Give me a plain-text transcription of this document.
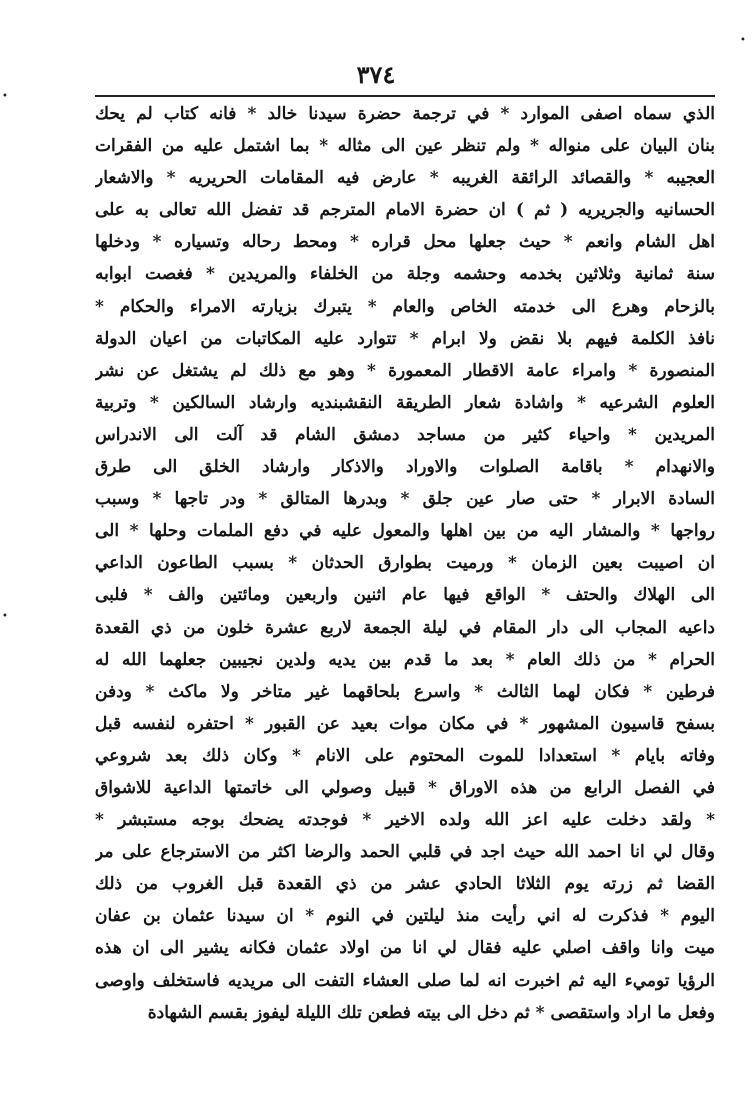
٣٧٤
الذي سماه اصفى الموارد * في ترجمة حضرة سيدنا خالد * فانه كتاب لم يحك
بنان البيان على منواله * ولم تنظر عين الى مثاله * بما اشتمل عليه من الفقرات
العجيبه * والقصائد الرائقة الغريبه * عارض فيه المقامات الحريريه * والاشعار
الحسانيه والجريريه ( ثم ) ان حضرة الامام المترجم قد تفضل الله تعالى به على
اهل الشام وانعم * حيث جعلها محل قراره * ومحط رحاله وتسياره * ودخلها
سنة ثمانية وثلاثين بخدمه وحشمه وجلة من الخلفاء والمريدين * فغصت ابوابه
بالزحام وهرع الى خدمته الخاص والعام * يتبرك بزيارته الامراء والحكام *
نافذ الكلمة فيهم بلا نقض ولا ابرام * تتوارد عليه المكاتبات من اعيان الدولة
المنصورة * وامراء عامة الاقطار المعمورة * وهو مع ذلك لم يشتغل عن نشر
العلوم الشرعيه * واشادة شعار الطريقة النقشبنديه وارشاد السالكين * وتربية
المريدين * واحياء كثير من مساجد دمشق الشام قد آلت الى الاندراس
والانهدام * باقامة الصلوات والاوراد والاذكار وارشاد الخلق الى طرق
السادة الابرار * حتى صار عين جلق * وبدرها المتالق * ودر تاجها * وسبب
رواجها * والمشار اليه من بين اهلها والمعول عليه في دفع الملمات وحلها * الى
ان اصيبت بعين الزمان * ورميت بطوارق الحدثان * بسبب الطاعون الداعي
الى الهلاك والحتف * الواقع فيها عام اثنين واربعين ومائتين والف * فلبى
داعيه المجاب الى دار المقام في ليلة الجمعة لاربع عشرة خلون من ذي القعدة
الحرام * من ذلك العام * بعد ما قدم بين يديه ولدين نجيبين جعلهما الله له
فرطين * فكان لهما الثالث * واسرع بلحاقهما غير متاخر ولا ماكث * ودفن
بسفح قاسيون المشهور * في مكان موات بعيد عن القبور * احتفره لنفسه قبل
وفاته بايام * استعدادا للموت المحتوم على الانام * وكان ذلك بعد شروعي
في الفصل الرابع من هذه الاوراق * قبيل وصولي الى خاتمتها الداعية للاشواق
* ولقد دخلت عليه اعز الله ولده الاخير * فوجدته يضحك بوجه مستبشر *
وقال لي انا احمد الله حيث اجد في قلبي الحمد والرضا اكثر من الاسترجاع على مر
القضا ثم زرته يوم الثلاثا الحادي عشر من ذي القعدة قبل الغروب من ذلك
اليوم * فذكرت له اني رأيت منذ ليلتين في النوم * ان سيدنا عثمان بن عفان
ميت وانا واقف اصلي عليه فقال لي انا من اولاد عثمان فكانه يشير الى ان هذه
الرؤيا توميء اليه ثم اخبرت انه لما صلى العشاء التفت الى مريديه فاستخلف واوصى
وفعل ما اراد واستقصى * ثم دخل الى بيته فطعن تلك الليلة ليفوز بقسم الشهادة
•
•
•
